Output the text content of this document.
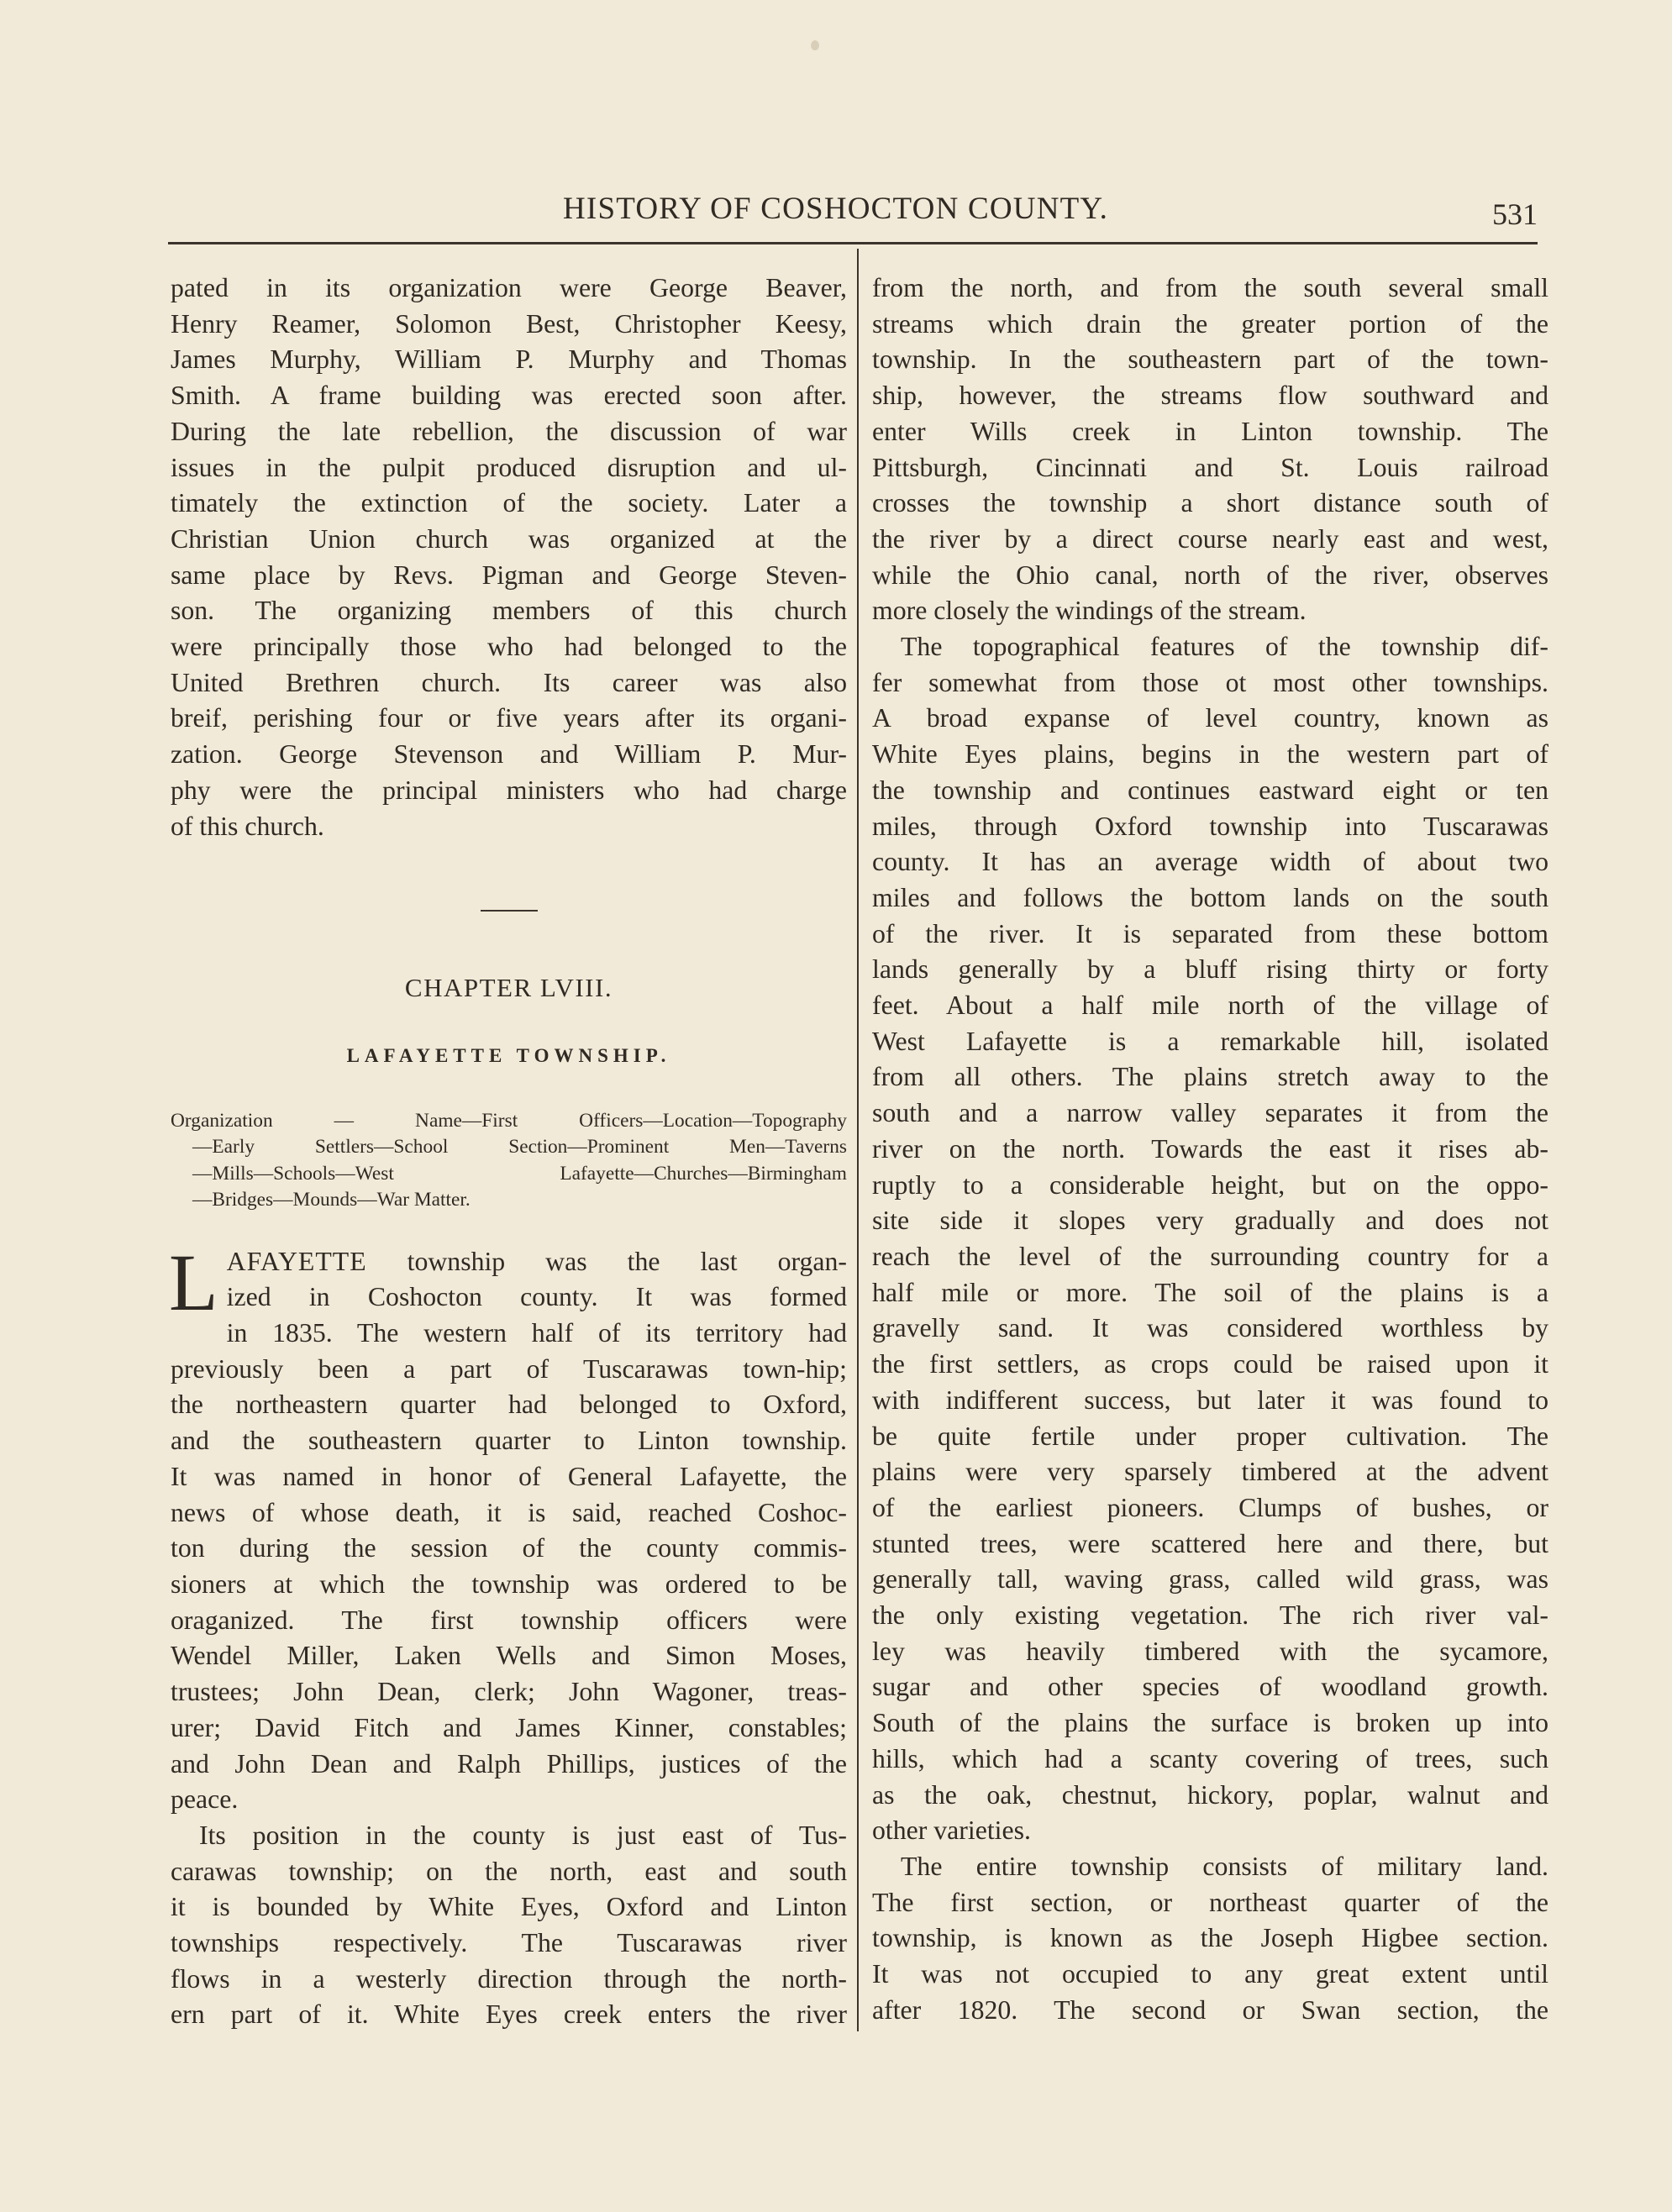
HISTORY OF COSHOCTON COUNTY.	531

pated in its organization were George Beaver,
Henry Reamer, Solomon Best, Christopher Keesy,
James Murphy, William P. Murphy and Thomas
Smith. A frame building was erected soon after.
During the late rebellion, the discussion of war
issues in the pulpit produced disruption and ul-
timately the extinction of the society. Later a
Christian Union church was organized at the
same place by Revs. Pigman and George Steven-
son. The organizing members of this church
were principally those who had belonged to the
United Brethren church. Its career was also
breif, perishing four or five years after its organi-
zation. George Stevenson and William P. Mur-
phy were the principal ministers who had charge
of this church.

CHAPTER LVIII.
LAFAYETTE TOWNSHIP.
Organization — Name—First Officers—Location—Topography
—Early Settlers—School Section—Prominent Men—Taverns
—Mills—Schools—West Lafayette—Churches—Birmingham
—Bridges—Mounds—War Matter.
L AFAYETTE township was the last organ-
ized in Coshocton county. It was formed
in 1835. The western half of its territory had
previously been a part of Tuscarawas town-hip;
the northeastern quarter had belonged to Oxford,
and the southeastern quarter to Linton township.
It was named in honor of General Lafayette, the
news of whose death, it is said, reached Coshoc-
ton during the session of the county commis-
sioners at which the township was ordered to be
oraganized. The first township officers were
Wendel Miller, Laken Wells and Simon Moses,
trustees; John Dean, clerk; John Wagoner, treas-
urer; David Fitch and James Kinner, constables;
and John Dean and Ralph Phillips, justices of the
peace.

Its position in the county is just east of Tus-
carawas township; on the north, east and south
it is bounded by White Eyes, Oxford and Linton
townships respectively. The Tuscarawas river
flows in a westerly direction through the north-
ern part of it. White Eyes creek enters the river

from the north, and from the south several small
streams which drain the greater portion of the
township. In the southeastern part of the town-
ship, however, the streams flow southward and
enter Wills creek in Linton township. The
Pittsburgh, Cincinnati and St. Louis railroad
crosses the township a short distance south of
the river by a direct course nearly east and west,
while the Ohio canal, north of the river, observes
more closely the windings of the stream.

The topographical features of the township dif-
fer somewhat from those ot most other townships.
A broad expanse of level country, known as
White Eyes plains, begins in the western part of
the township and continues eastward eight or ten
miles, through Oxford township into Tuscarawas
county. It has an average width of about two
miles and follows the bottom lands on the south
of the river. It is separated from these bottom
lands generally by a bluff rising thirty or forty
feet. About a half mile north of the village of
West Lafayette is a remarkable hill, isolated
from all others. The plains stretch away to the
south and a narrow valley separates it from the
river on the north. Towards the east it rises ab-
ruptly to a considerable height, but on the oppo-
site side it slopes very gradually and does not
reach the level of the surrounding country for a
half mile or more. The soil of the plains is a
gravelly sand. It was considered worthless by
the first settlers, as crops could be raised upon it
with indifferent success, but later it was found to
be quite fertile under proper cultivation. The
plains were very sparsely timbered at the advent
of the earliest pioneers. Clumps of bushes, or
stunted trees, were scattered here and there, but
generally tall, waving grass, called wild grass, was
the only existing vegetation. The rich river val-
ley was heavily timbered with the sycamore,
sugar and other species of woodland growth.
South of the plains the surface is broken up into
hills, which had a scanty covering of trees, such
as the oak, chestnut, hickory, poplar, walnut and
other varieties.

The entire township consists of military land.
The first section, or northeast quarter of the
township, is known as the Joseph Higbee section.
It was not occupied to any great extent until
after 1820. The second or Swan section, the
